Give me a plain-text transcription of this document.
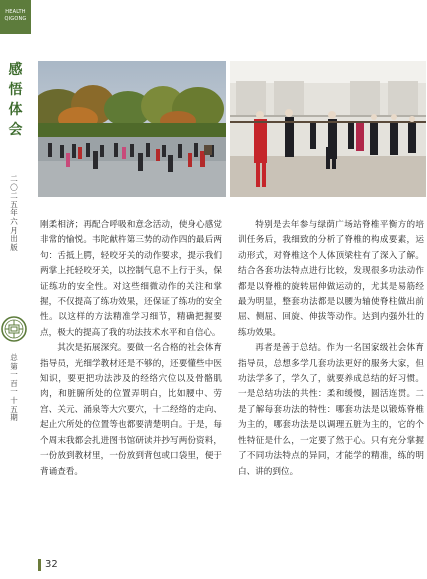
HEALTH
QIGONG
感悟体会
二〇二五年六月出版
总第一百一十五期

刚柔相济；再配合呼吸和意念活动，使身心感觉非常的愉悦。韦陀献杵第三势的动作四的最后两句：舌抵上腭，轻咬牙关的动作要求，提示我们两掌上托轻咬牙关，以控制气息不上行于头，保证练功的安全性。对这些细微动作的关注和掌握，不仅提高了练功效果，还保证了练功的安全性。以这样的方法精准学习细节，精确把握要点，极大的提高了我的功法技术水平和自信心。

其次是拓展深究。要做一名合格的社会体育指导员，光细学教材还是不够的，还要懂些中医知识，要更把功法涉及的经络穴位以及骨骼肌肉，和脏腑所处的位置弄明白，比如腰中、劳宫、关元、涌泉等大穴要穴，十二经络的走向、起止穴所处的位置等也都要清楚明白。于是，每个周末我都会扎进图书馆研读并抄写两份资料，一份放到教材里，一份放到背包或口袋里，便于背诵查看。

特别是去年参与绿荫广场站脊椎平衡方的培训任务后，我细致的分析了脊椎的构成要素，运动形式，对脊椎这个人体顶梁柱有了深入了解。结合各套功法特点进行比较，发现很多功法动作都是以脊椎的旋转屈伸做运动的，尤其是易筋经最为明显，整套功法都是以腰为轴使脊柱做出前屈、侧屈、回旋、伸拔等动作。达到内强外壮的练功效果。

再者是善于总结。作为一名国家级社会体育指导员，总想多学几套功法更好的服务大家，但功法学多了，学久了，就要养成总结的好习惯。一是总结功法的共性：柔和缓慢，圆活连贯。二是了解每套功法的特性：哪套功法是以锻炼脊椎为主的，哪套功法是以调理五脏为主的，它的个性特征是什么，一定要了然于心。只有充分掌握了不同功法特点的异同，才能学的精准，练的明白、讲的到位。

32
